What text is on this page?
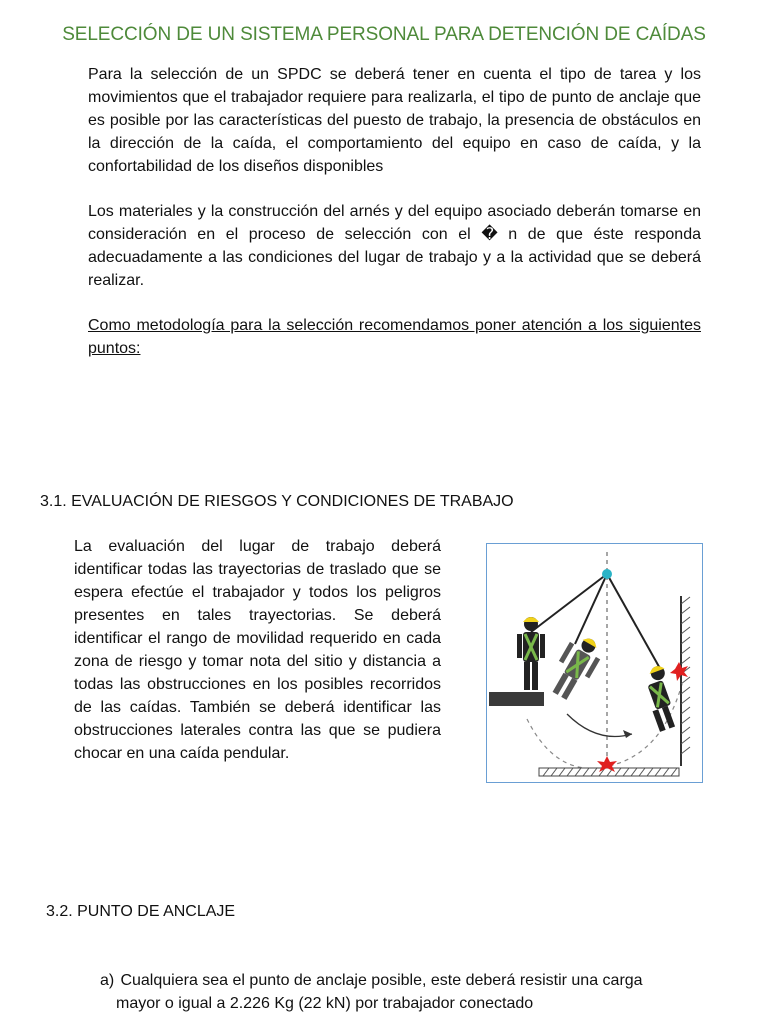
SELECCIÓN DE UN SISTEMA PERSONAL PARA DETENCIÓN DE CAÍDAS

Para la selección de un SPDC se deberá tener en cuenta el tipo de tarea y los movimientos que el trabajador requiere para realizarla, el tipo de punto de anclaje que es posible por las características del puesto de trabajo, la presencia de obstáculos en la dirección de la caída, el comportamiento del equipo en caso de caída, y la confortabilidad de los diseños disponibles

Los materiales y la construcción del arnés y del equipo asociado deberán tomarse en consideración en el proceso de selección con el � n de que éste responda adecuadamente a las condiciones del lugar de trabajo y a la actividad que se deberá realizar.

Como metodología para la selección recomendamos poner atención a los siguientes puntos:

3.1. EVALUACIÓN DE RIESGOS Y CONDICIONES DE TRABAJO

La evaluación del lugar de trabajo deberá identificar todas las trayectorias de traslado que se espera efectúe el trabajador y todos los peligros presentes en tales trayectorias. Se deberá identificar el rango de movilidad requerido en cada zona de riesgo y tomar nota del sitio y distancia a todas las obstrucciones en los posibles recorridos de las caídas. También se deberá identificar las obstrucciones laterales contra las que se pudiera chocar en una caída pendular.

3.2. PUNTO DE ANCLAJE
a) Cualquiera sea el punto de anclaje posible, este deberá resistir una carga
mayor o igual a 2.226 Kg (22 kN) por trabajador conectado
